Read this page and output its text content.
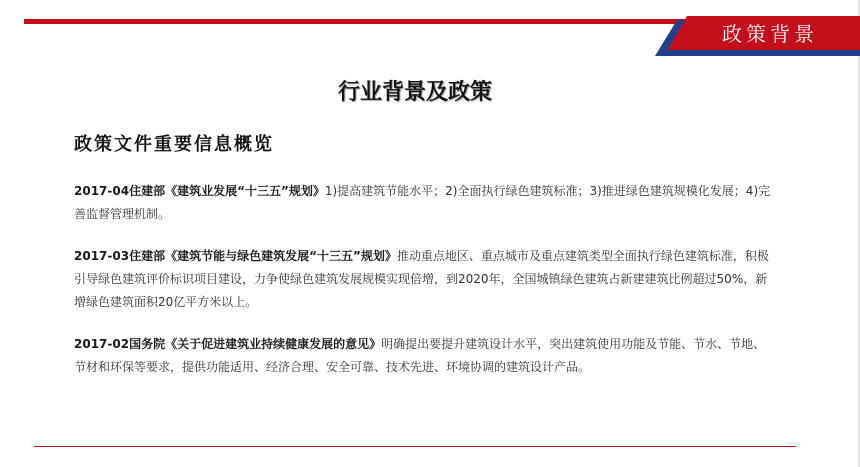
政策背景
行业背景及政策
政策文件重要信息概览
2017-04住建部《建筑业发展“十三五”规划》1)提高建筑节能水平；2)全面执行绿色建筑标准；3)推进绿色建筑规模化发展；4)完善监督管理机制。
2017-03住建部《建筑节能与绿色建筑发展“十三五”规划》推动重点地区、重点城市及重点建筑类型全面执行绿色建筑标准，积极引导绿色建筑评价标识项目建设，力争使绿色建筑发展规模实现倍增，到2020年，全国城镇绿色建筑占新建建筑比例超过50%，新增绿色建筑面积20亿平方米以上。
2017-02国务院《关于促进建筑业持续健康发展的意见》明确提出要提升建筑设计水平，突出建筑使用功能及节能、节水、节地、节材和环保等要求，提供功能适用、经济合理、安全可靠、技术先进、环境协调的建筑设计产品。
